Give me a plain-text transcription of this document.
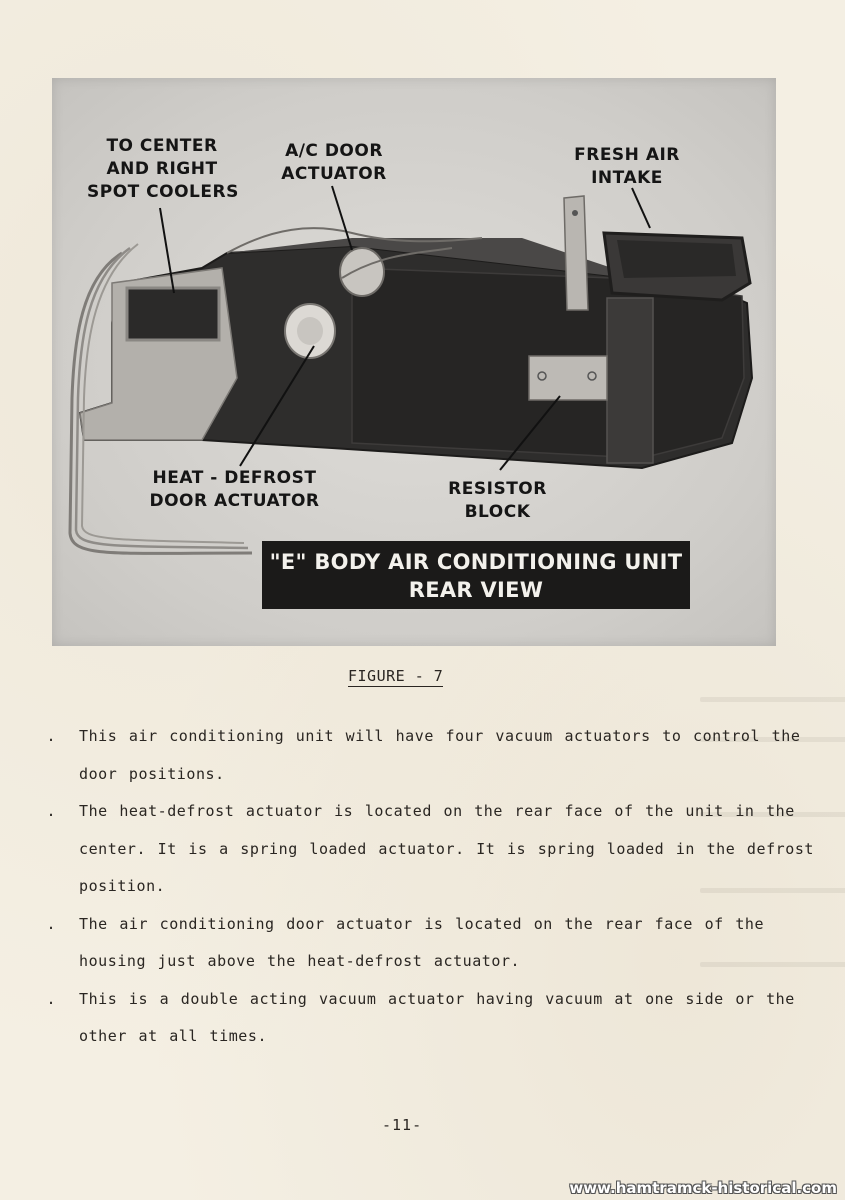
TO CENTER
AND RIGHT
SPOT COOLERS
A/C DOOR
ACTUATOR
FRESH AIR
INTAKE
HEAT - DEFROST
DOOR ACTUATOR
RESISTOR
BLOCK
"E" BODY AIR CONDITIONING UNIT
REAR VIEW
FIGURE - 7
. This air conditioning unit will have four vacuum actuators to control the door positions.
. The heat-defrost actuator is located on the rear face of the unit in the center. It is a spring loaded actuator. It is spring loaded in the defrost position.
. The air conditioning door actuator is located on the rear face of the housing just above the heat-defrost actuator.
. This is a double acting vacuum actuator having vacuum at one side or the other at all times.
-11-
www.hamtramck-historical.com
